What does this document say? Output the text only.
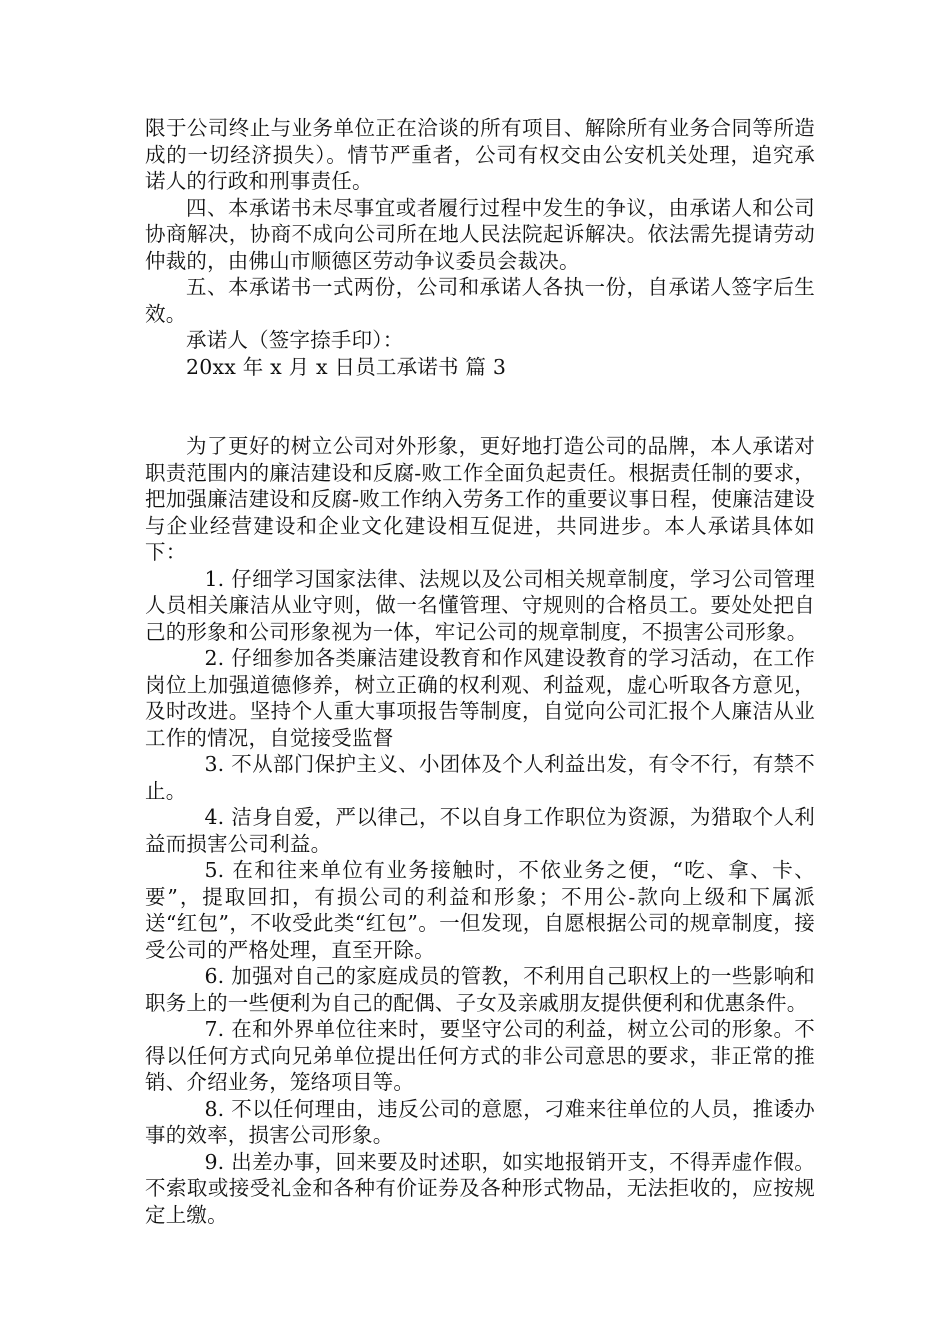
限于公司终止与业务单位正在洽谈的所有项目、解除所有业务合同等所造成的一切经济损失）。情节严重者，公司有权交由公安机关处理，追究承诺人的行政和刑事责任。

四、本承诺书未尽事宜或者履行过程中发生的争议，由承诺人和公司协商解决，协商不成向公司所在地人民法院起诉解决。依法需先提请劳动仲裁的，由佛山市顺德区劳动争议委员会裁决。

五、本承诺书一式两份，公司和承诺人各执一份，自承诺人签字后生效。

承诺人（签字捺手印）：

20xx 年 x 月 x 日员工承诺书 篇 3

为了更好的树立公司对外形象，更好地打造公司的品牌，本人承诺对职责范围内的廉洁建设和反腐-败工作全面负起责任。根据责任制的要求，把加强廉洁建设和反腐-败工作纳入劳务工作的重要议事日程，使廉洁建设与企业经营建设和企业文化建设相互促进，共同进步。本人承诺具体如下：

1. 仔细学习国家法律、法规以及公司相关规章制度，学习公司管理人员相关廉洁从业守则，做一名懂管理、守规则的合格员工。要处处把自己的形象和公司形象视为一体，牢记公司的规章制度，不损害公司形象。

2. 仔细参加各类廉洁建设教育和作风建设教育的学习活动，在工作岗位上加强道德修养，树立正确的权利观、利益观，虚心听取各方意见，及时改进。坚持个人重大事项报告等制度，自觉向公司汇报个人廉洁从业工作的情况，自觉接受监督

3. 不从部门保护主义、小团体及个人利益出发，有令不行，有禁不止。

4. 洁身自爱，严以律己，不以自身工作职位为资源，为猎取个人利益而损害公司利益。

5. 在和往来单位有业务接触时，不依业务之便，“吃、拿、卡、要”，提取回扣，有损公司的利益和形象；不用公-款向上级和下属派送“红包”，不收受此类“红包”。一但发现，自愿根据公司的规章制度，接受公司的严格处理，直至开除。

6. 加强对自己的家庭成员的管教，不利用自己职权上的一些影响和职务上的一些便利为自己的配偶、子女及亲戚朋友提供便利和优惠条件。

7. 在和外界单位往来时，要坚守公司的利益，树立公司的形象。不得以任何方式向兄弟单位提出任何方式的非公司意思的要求，非正常的推销、介绍业务，笼络项目等。

8. 不以任何理由，违反公司的意愿，刁难来往单位的人员，推诿办事的效率，损害公司形象。

9. 出差办事，回来要及时述职，如实地报销开支，不得弄虚作假。不索取或接受礼金和各种有价证券及各种形式物品，无法拒收的，应按规定上缴。
